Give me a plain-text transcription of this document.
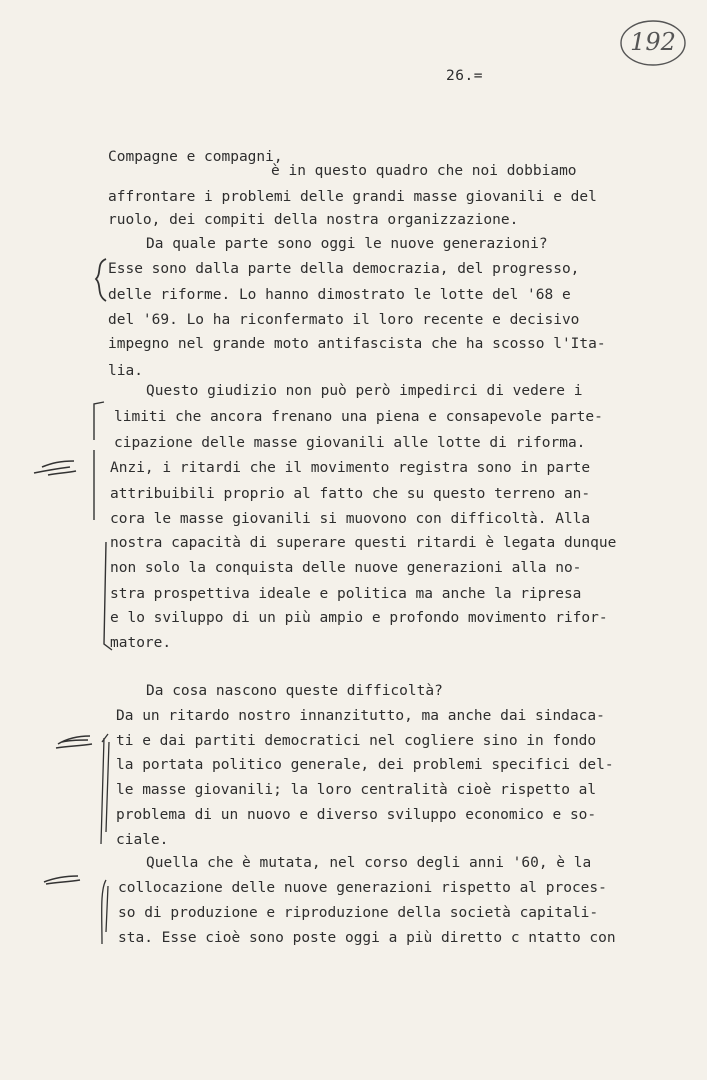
192
26.=
Compagne e compagni,
è in questo quadro che noi dobbiamo
affrontare i problemi delle grandi masse giovanili e del
ruolo, dei compiti della nostra organizzazione.
Da quale parte sono oggi le nuove generazioni?
Esse sono dalla parte della democrazia, del progresso,
delle riforme. Lo hanno dimostrato le lotte del '68 e
del '69. Lo ha riconfermato il loro recente e decisivo
impegno nel grande moto antifascista che ha scosso l'Ita-
lia.
Questo giudizio non può però impedirci di vedere i
limiti che ancora frenano una piena e consapevole parte-
cipazione delle masse giovanili alle lotte di riforma.
Anzi, i ritardi che il movimento registra sono in parte
attribuibili proprio al fatto che su questo terreno an-
cora le masse giovanili si muovono con difficoltà. Alla
nostra capacità di superare questi ritardi è legata dunque
non solo la conquista delle nuove generazioni alla no-
stra prospettiva ideale e politica ma anche la ripresa
e lo sviluppo di un più ampio e profondo movimento rifor-
matore.
Da cosa nascono queste difficoltà?
Da un ritardo nostro innanzitutto, ma anche dai sindaca-
ti e dai partiti democratici nel cogliere sino in fondo
la portata politico generale, dei problemi specifici del-
le masse giovanili; la loro centralità cioè rispetto al
problema di un nuovo e diverso sviluppo economico e so-
ciale.
Quella che è mutata, nel corso degli anni '60, è la
collocazione delle nuove generazioni rispetto al proces-
so di produzione e riproduzione della società capitali-
sta. Esse cioè sono poste oggi a più diretto c ntatto con
